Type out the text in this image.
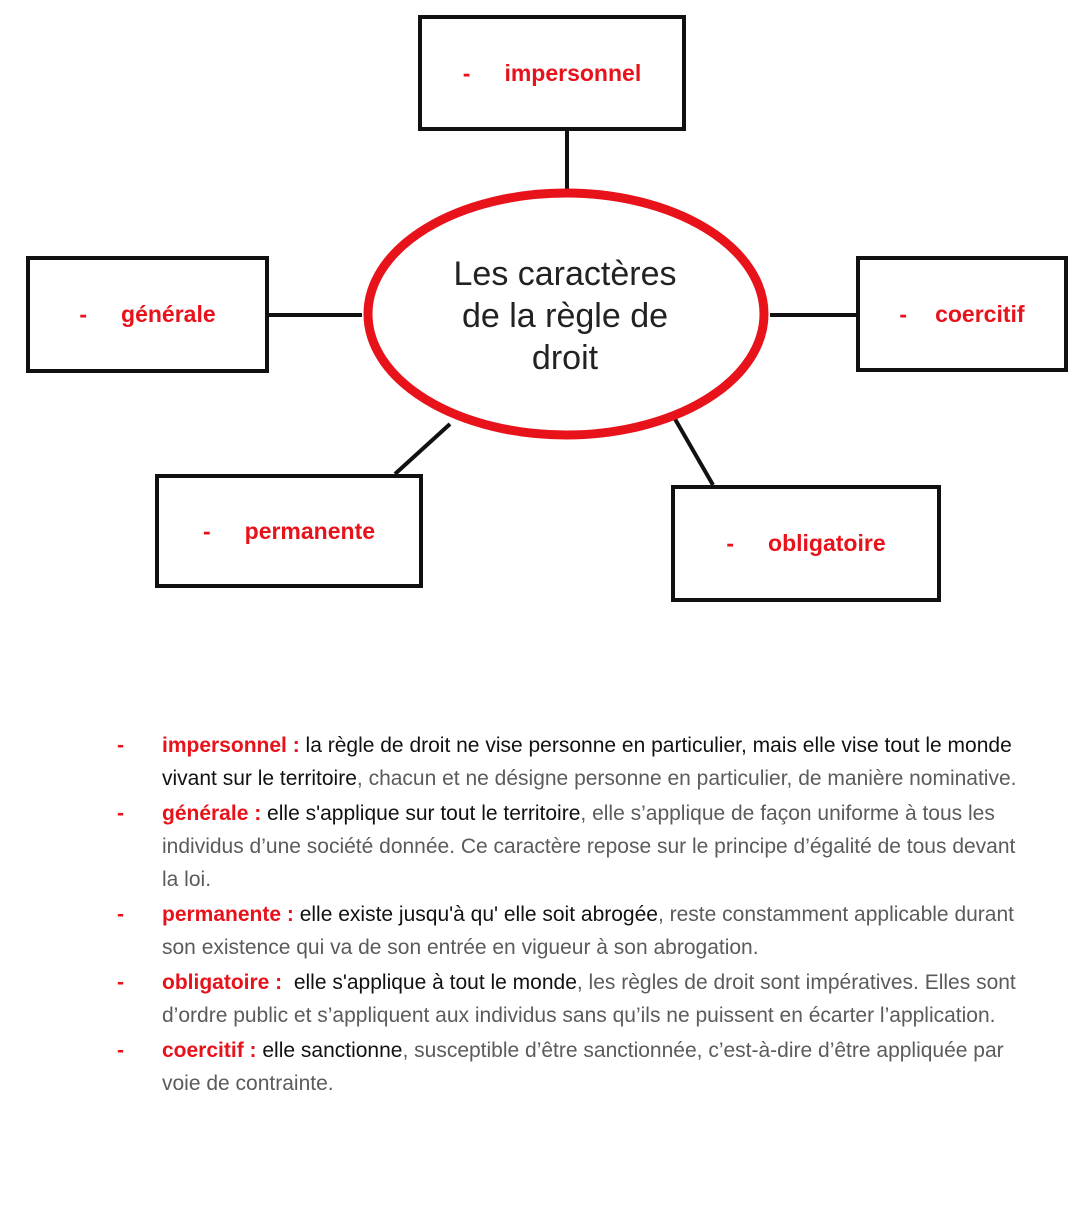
Les caractères
de la règle de
droit
- impersonnel
- générale	- coercitif
- permanente	- obligatoire
- impersonnel : la règle de droit ne vise personne en particulier, mais elle vise tout le monde vivant sur le territoire, chacun et ne désigne personne en particulier, de manière nominative.
- générale : elle s'applique sur tout le territoire, elle s’applique de façon uniforme à tous les individus d’une société donnée. Ce caractère repose sur le principe d’égalité de tous devant la loi.
- permanente : elle existe jusqu'à qu' elle soit abrogée, reste constamment applicable durant son existence qui va de son entrée en vigueur à son abrogation.
- obligatoire :  elle s'applique à tout le monde, les règles de droit sont impératives. Elles sont d’ordre public et s’appliquent aux individus sans qu’ils ne puissent en écarter l’application.
- coercitif : elle sanctionne, susceptible d’être sanctionnée, c’est-à-dire d’être appliquée par voie de contrainte.
